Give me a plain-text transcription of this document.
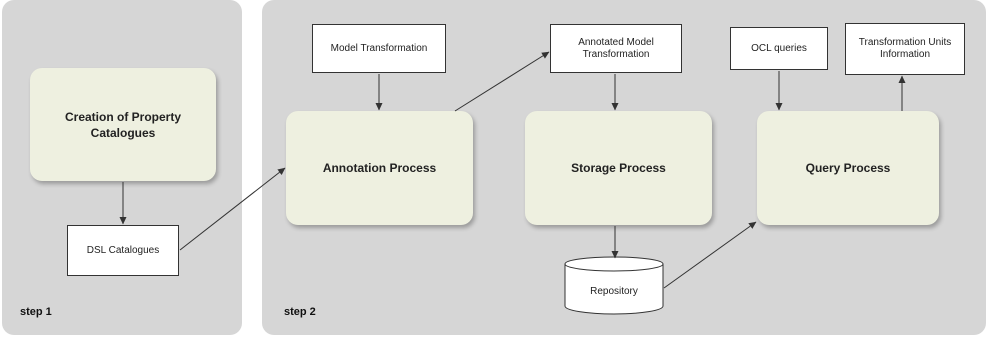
Creation of Property Catalogues
Annotation Process	Storage Process	Query Process
DSL Catalogues
Model Transformation
Annotated Model Transformation
OCL queries	Transformation Units Information
Repository
step 1	step 2
